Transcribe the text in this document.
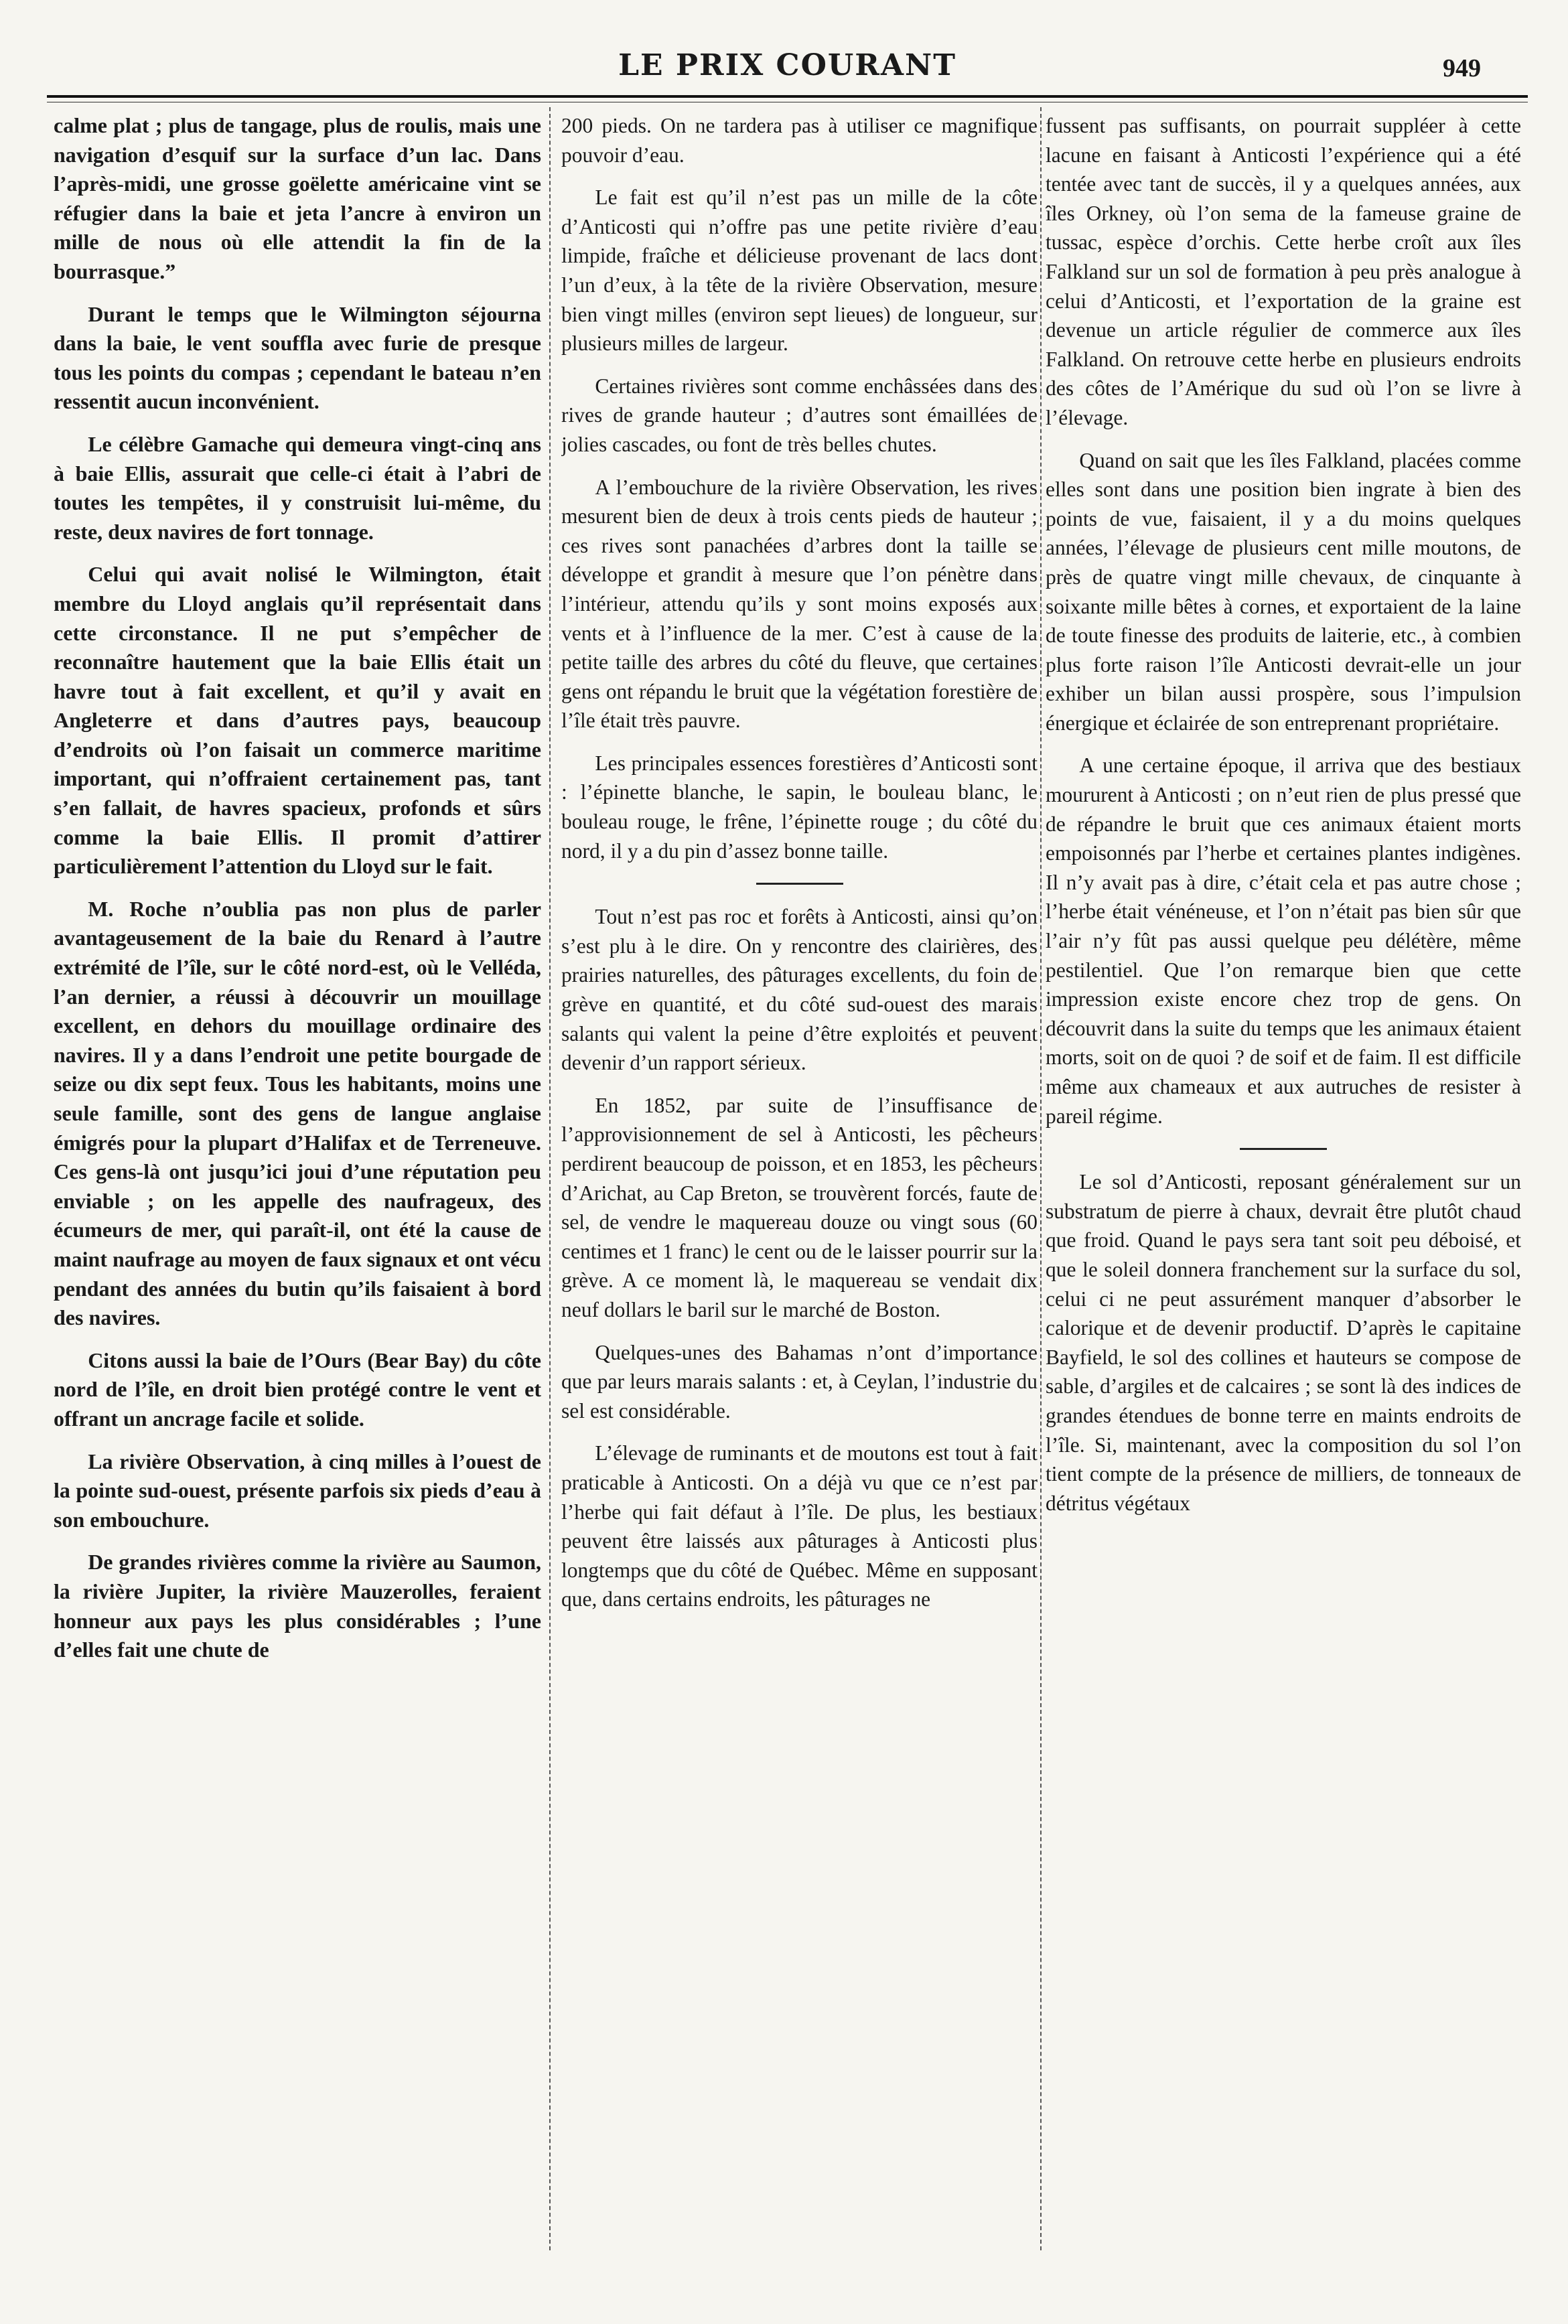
LE PRIX COURANT	949

calme plat ; plus de tangage, plus de roulis, mais une navigation d’esquif sur la surface d’un lac. Dans l’après-midi, une grosse goëlette américaine vint se réfugier dans la baie et jeta l’ancre à environ un mille de nous où elle attendit la fin de la bourrasque.”

Durant le temps que le Wilmington séjourna dans la baie, le vent souffla avec furie de presque tous les points du compas ; cependant le bateau n’en ressentit aucun inconvénient.

Le célèbre Gamache qui demeura vingt-cinq ans à baie Ellis, assurait que celle-ci était à l’abri de toutes les tempêtes, il y construisit lui-même, du reste, deux navires de fort tonnage.

Celui qui avait nolisé le Wilmington, était membre du Lloyd anglais qu’il représentait dans cette circonstance. Il ne put s’empêcher de reconnaître hautement que la baie Ellis était un havre tout à fait excellent, et qu’il y avait en Angleterre et dans d’autres pays, beaucoup d’endroits où l’on faisait un commerce maritime important, qui n’offraient certainement pas, tant s’en fallait, de havres spacieux, profonds et sûrs comme la baie Ellis. Il promit d’attirer particulièrement l’attention du Lloyd sur le fait.

M. Roche n’oublia pas non plus de parler avantageusement de la baie du Renard à l’autre extrémité de l’île, sur le côté nord-est, où le Velléda, l’an dernier, a réussi à découvrir un mouillage excellent, en dehors du mouillage ordinaire des navires. Il y a dans l’endroit une petite bourgade de seize ou dix sept feux. Tous les habitants, moins une seule famille, sont des gens de langue anglaise émigrés pour la plupart d’Halifax et de Terreneuve. Ces gens-là ont jusqu’ici joui d’une réputation peu enviable ; on les appelle des naufrageux, des écumeurs de mer, qui paraît-il, ont été la cause de maint naufrage au moyen de faux signaux et ont vécu pendant des années du butin qu’ils faisaient à bord des navires.

Citons aussi la baie de l’Ours (Bear Bay) du côte nord de l’île, en droit bien protégé contre le vent et offrant un ancrage facile et solide.

La rivière Observation, à cinq milles à l’ouest de la pointe sud-ouest, présente parfois six pieds d’eau à son embouchure.

De grandes rivières comme la rivière au Saumon, la rivière Jupiter, la rivière Mauzerolles, feraient honneur aux pays les plus considérables ; l’une d’elles fait une chute de

200 pieds. On ne tardera pas à utiliser ce magnifique pouvoir d’eau.

Le fait est qu’il n’est pas un mille de la côte d’Anticosti qui n’offre pas une petite rivière d’eau limpide, fraîche et délicieuse provenant de lacs dont l’un d’eux, à la tête de la rivière Observation, mesure bien vingt milles (environ sept lieues) de longueur, sur plusieurs milles de largeur.

Certaines rivières sont comme enchâssées dans des rives de grande hauteur ; d’autres sont émaillées de jolies cascades, ou font de très belles chutes.

A l’embouchure de la rivière Observation, les rives mesurent bien de deux à trois cents pieds de hauteur ; ces rives sont panachées d’arbres dont la taille se développe et grandit à mesure que l’on pénètre dans l’intérieur, attendu qu’ils y sont moins exposés aux vents et à l’influence de la mer. C’est à cause de la petite taille des arbres du côté du fleuve, que certaines gens ont répandu le bruit que la végétation forestière de l’île était très pauvre.

Les principales essences forestières d’Anticosti sont : l’épinette blanche, le sapin, le bouleau blanc, le bouleau rouge, le frêne, l’épinette rouge ; du côté du nord, il y a du pin d’assez bonne taille.

Tout n’est pas roc et forêts à Anticosti, ainsi qu’on s’est plu à le dire. On y rencontre des clairières, des prairies naturelles, des pâturages excellents, du foin de grève en quantité, et du côté sud-ouest des marais salants qui valent la peine d’être exploités et peuvent devenir d’un rapport sérieux.

En 1852, par suite de l’insuffisance de l’approvisionnement de sel à Anticosti, les pêcheurs perdirent beaucoup de poisson, et en 1853, les pêcheurs d’Arichat, au Cap Breton, se trouvèrent forcés, faute de sel, de vendre le maquereau douze ou vingt sous (60 centimes et 1 franc) le cent ou de le laisser pourrir sur la grève. A ce moment là, le maquereau se vendait dix neuf dollars le baril sur le marché de Boston.

Quelques-unes des Bahamas n’ont d’importance que par leurs marais salants : et, à Ceylan, l’industrie du sel est considérable.

L’élevage de ruminants et de moutons est tout à fait praticable à Anticosti. On a déjà vu que ce n’est par l’herbe qui fait défaut à l’île. De plus, les bestiaux peuvent être laissés aux pâturages à Anticosti plus longtemps que du côté de Québec. Même en supposant que, dans certains endroits, les pâturages ne

fussent pas suffisants, on pourrait suppléer à cette lacune en faisant à Anticosti l’expérience qui a été tentée avec tant de succès, il y a quelques années, aux îles Orkney, où l’on sema de la fameuse graine de tussac, espèce d’orchis. Cette herbe croît aux îles Falkland sur un sol de formation à peu près analogue à celui d’Anticosti, et l’exportation de la graine est devenue un article régulier de commerce aux îles Falkland. On retrouve cette herbe en plusieurs endroits des côtes de l’Amérique du sud où l’on se livre à l’élevage.

Quand on sait que les îles Falkland, placées comme elles sont dans une position bien ingrate à bien des points de vue, faisaient, il y a du moins quelques années, l’élevage de plusieurs cent mille moutons, de près de quatre vingt mille chevaux, de cinquante à soixante mille bêtes à cornes, et exportaient de la laine de toute finesse des produits de laiterie, etc., à combien plus forte raison l’île Anticosti devrait-elle un jour exhiber un bilan aussi prospère, sous l’impulsion énergique et éclairée de son entreprenant propriétaire.

A une certaine époque, il arriva que des bestiaux moururent à Anticosti ; on n’eut rien de plus pressé que de répandre le bruit que ces animaux étaient morts empoisonnés par l’herbe et certaines plantes indigènes. Il n’y avait pas à dire, c’était cela et pas autre chose ; l’herbe était vénéneuse, et l’on n’était pas bien sûr que l’air n’y fût pas aussi quelque peu délétère, même pestilentiel. Que l’on remarque bien que cette impression existe encore chez trop de gens. On découvrit dans la suite du temps que les animaux étaient morts, soit on de quoi ? de soif et de faim. Il est difficile même aux chameaux et aux autruches de resister à pareil régime.

Le sol d’Anticosti, reposant généralement sur un substratum de pierre à chaux, devrait être plutôt chaud que froid. Quand le pays sera tant soit peu déboisé, et que le soleil donnera franchement sur la surface du sol, celui ci ne peut assurément manquer d’absorber le calorique et de devenir productif. D’après le capitaine Bayfield, le sol des collines et hauteurs se compose de sable, d’argiles et de calcaires ; se sont là des indices de grandes étendues de bonne terre en maints endroits de l’île. Si, maintenant, avec la composition du sol l’on tient compte de la présence de milliers, de tonneaux de détritus végétaux
